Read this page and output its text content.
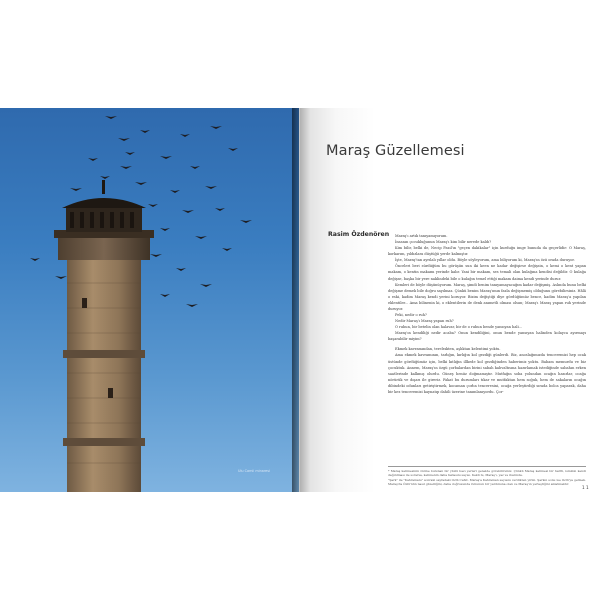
Ulu Camii minaresi
Maraş Güzellemesi
Rasim Özdenören	Maraş'ı artık tanıyamıyorum.

İnsanın çocukluğunun Maraş'ı kim bilir nerede kaldı?

Kim bilir, belki de, Necip Fazıl'ın "geçen dakikalar" için kurduğu imge bunuda da geçerlidir: O Maraş, korkarım, yıldızlara düştüğü yerde kalmıştır.

İşte, Maraş'tan ayrılalı yıllar oldu. Böyle söyleyorum, ama biliyorum ki, Maraş'ın özü orada duruyor.

Önceleri beri sürdüğüm bu görüşün sun iki keen ne kadar değişirse değişsin, o kemi o kent yapan makam, o kentin makamı yerinde kalır. Yani bir makam, ses temali olan kulağına kendisi değildir. O kulağa değişse, başka bir yere naklindeki bile o kulağın temel ettiği makam daima kendi yerinde durur.

Kemleri de böyle düşünüyorum. Maraş, şimdi benim tanıyamayacağım kadar değişmiş. Aslında bunu belki değişme demek bile doğru sayılmaz. Çünkü benim Maraş'ımın fazla değişmemiş olduğunu görebilirsiniz. Hâlâ o eski, kadim Maraş kendi yerini koruyor. Bizim değiştiği diye gördüğümüz bence, kadim Maraş'a yapılan eklentiler... Ama bilinenin ki, o eklentilerin de denk anımetli olması olsun; Maraş'ı Maraş yapan ruh yerinde duruyor.

Peki, nedir o ruh?

Nedir Maraş'ı Maraş yapan ruh?

O ruhun, bir betelin olan halavar, bir de o ruhun bende yansıyan hali...

Maraş'ın kendiliği nedir acaba? Onun kendiliğini, onun bende yansıyan halinden kolayca ayırmayı başarabilir miyim?

Ekmek kavramından, tereleıkten, aşlıktan kelentimi yoktu.

Ama ekmek kavramının, tarlığın, kırlığın kol gezdiği günlerdi. Biz, anoslağımızda tenceremizi hep ocak üstünde gördüğümüz için, belki kıtlığın illkede kol gezdiğinden haberimiz yoktu. Babam memurdu ve biz çocuktuk. Annem, Maraş'ın özgü çorbalardan birini sabah kahvaltısına hazırlamak istediğinde sabahın erken saatlerinde kalkmış olurdu. Güneş henüz doğmamıştır. Mutfağın soba yolundan ocağın hazırlar, ocağa nörürük ve dışarı ile gireriz. Fakat bu durumları tıkar ve mutfaktan hem soğuk, hem de sakaların ocağın dibindeki odunları getiriştirmek, kocaman çorba tenceresini, ocağa yerleştirdiği sırada bolca yaparak, daha bir kez tenceremizi kaynatıp dahili üzerine tanımlanıyordu. Çor-

* Maraş kelimesinin önüne bulunan bir yüzlü bazı yerleri genelde görebilirsiniz. Çünkü Maraş kelimesi bir harfli, isminin kendi dağıtılması ile sorarsa, kelimenin daha fazlasını sayısı. Kekli bı, Maraş'ı, yaz ve ibarında.

"Şark" ile "Kahramanı" sonraki sayfadaki Ozlü Cahit. Maraş'a Kahraman sayısını verdikten yirmi. Şarkın sonu ise Ozlü'ya gelmek. Maraş'da Özlü'nün nasıl güzelliğini, daha doğrusunda ruhunun bir yardımına olan ve Maraş'ın yerleştiğini anlatmaktır.

1 1
